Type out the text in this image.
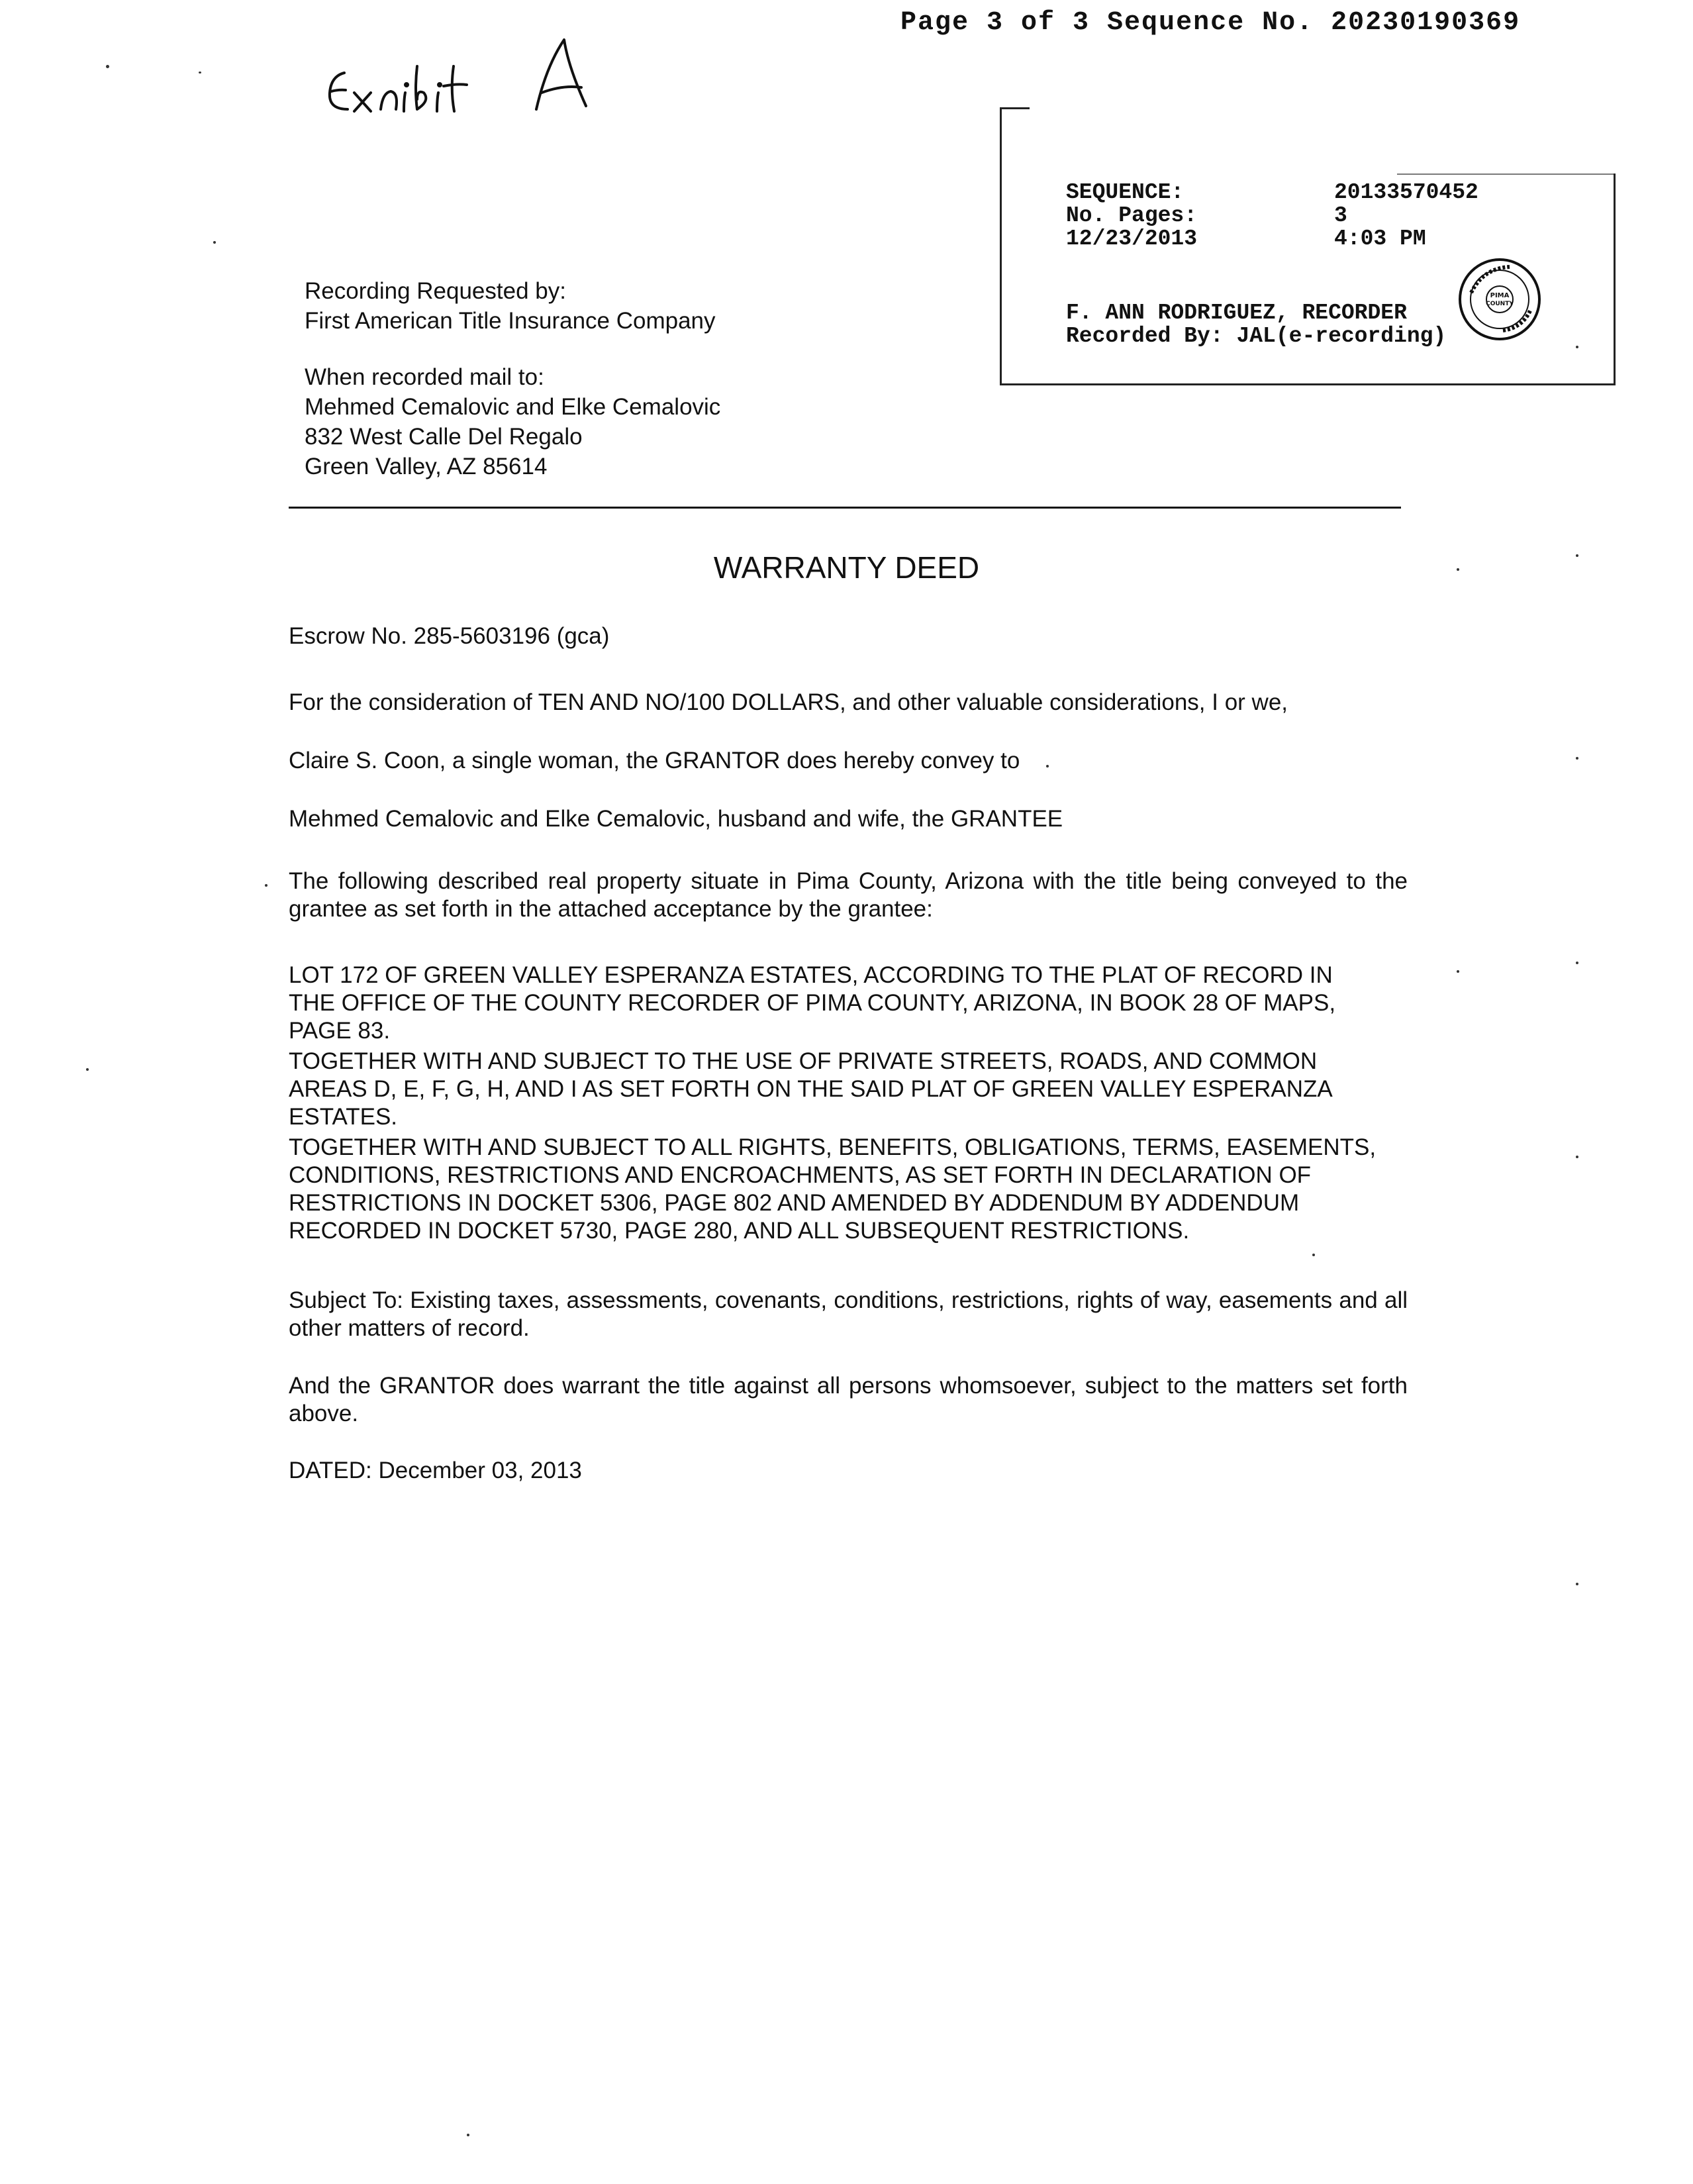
Page 3 of 3 Sequence No. 20230190369
SEQUENCE:	20133570452
No. Pages:	3
12/23/2013	4:03 PM
F. ANN RODRIGUEZ, RECORDER
Recorded By: JAL(e-recording)
PIMA
COUNTY
Recording Requested by:
First American Title Insurance Company
When recorded mail to:
Mehmed Cemalovic and Elke Cemalovic
832 West Calle Del Regalo
Green Valley, AZ 85614
WARRANTY DEED
Escrow No. 285-5603196 (gca)
For the consideration of TEN AND NO/100 DOLLARS, and other valuable considerations, I or we,
Claire S. Coon, a single woman, the GRANTOR does hereby convey to
Mehmed Cemalovic and Elke Cemalovic, husband and wife, the GRANTEE
The following described real property situate in Pima County, Arizona with the title being conveyed to the grantee as set forth in the attached acceptance by the grantee:
LOT 172 OF GREEN VALLEY ESPERANZA ESTATES, ACCORDING TO THE PLAT OF RECORD IN THE OFFICE OF THE COUNTY RECORDER OF PIMA COUNTY, ARIZONA, IN BOOK 28 OF MAPS, PAGE 83.
TOGETHER WITH AND SUBJECT TO THE USE OF PRIVATE STREETS, ROADS, AND COMMON AREAS D, E, F, G, H, AND I AS SET FORTH ON THE SAID PLAT OF GREEN VALLEY ESPERANZA ESTATES.
TOGETHER WITH AND SUBJECT TO ALL RIGHTS, BENEFITS, OBLIGATIONS, TERMS, EASEMENTS, CONDITIONS, RESTRICTIONS AND ENCROACHMENTS, AS SET FORTH IN DECLARATION OF RESTRICTIONS IN DOCKET 5306, PAGE 802 AND AMENDED BY ADDENDUM BY ADDENDUM RECORDED IN DOCKET 5730, PAGE 280, AND ALL SUBSEQUENT RESTRICTIONS.
Subject To: Existing taxes, assessments, covenants, conditions, restrictions, rights of way, easements and all other matters of record.
And the GRANTOR does warrant the title against all persons whomsoever, subject to the matters set forth above.
DATED: December 03, 2013
